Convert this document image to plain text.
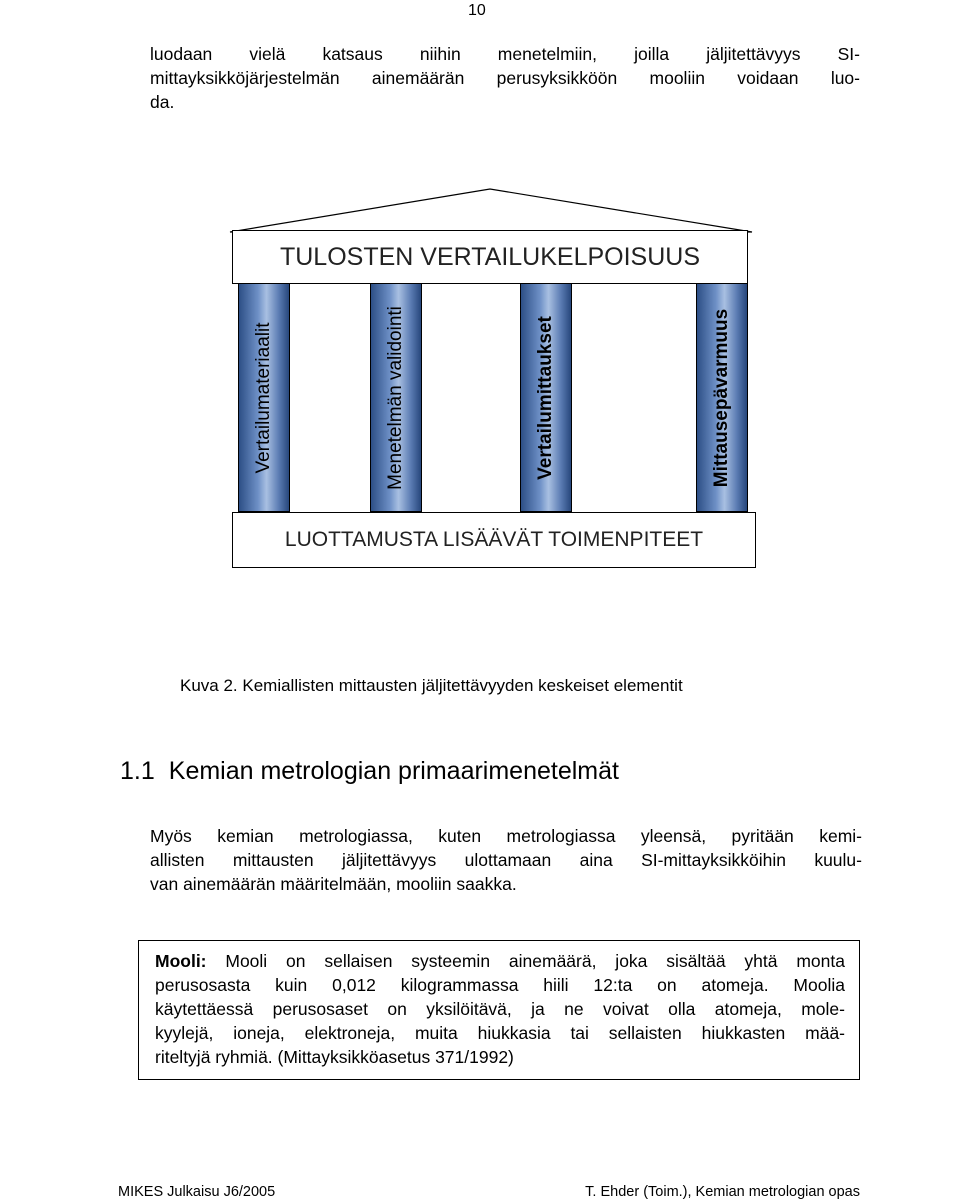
10
luodaan vielä katsaus niihin menetelmiin, joilla jäljitettävyys SI-
mittayksikköjärjestelmän ainemäärän perusyksikköön mooliin voidaan luo-
da.
TULOSTEN VERTAILUKELPOISUUS
Vertailumateriaalit	Menetelmän validointi	Vertailumittaukset	Mittausepävarmuus
LUOTTAMUSTA LISÄÄVÄT TOIMENPITEET
Kuva 2. Kemiallisten mittausten jäljitettävyyden keskeiset elementit
1.1 Kemian metrologian primaarimenetelmät
Myös kemian metrologiassa, kuten metrologiassa yleensä, pyritään kemi-
allisten mittausten jäljitettävyys ulottamaan aina SI-mittayksikköihin kuulu-
van ainemäärän määritelmään, mooliin saakka.
Mooli: Mooli on sellaisen systeemin ainemäärä, joka sisältää yhtä monta
perusosasta kuin 0,012 kilogrammassa hiili 12:ta on atomeja. Moolia
käytettäessä perusosaset on yksilöitävä, ja ne voivat olla atomeja, mole-
kyylejä, ioneja, elektroneja, muita hiukkasia tai sellaisten hiukkasten mää-
riteltyjä ryhmiä. (Mittayksikköasetus 371/1992)
MIKES Julkaisu J6/2005	T. Ehder (Toim.), Kemian metrologian opas
